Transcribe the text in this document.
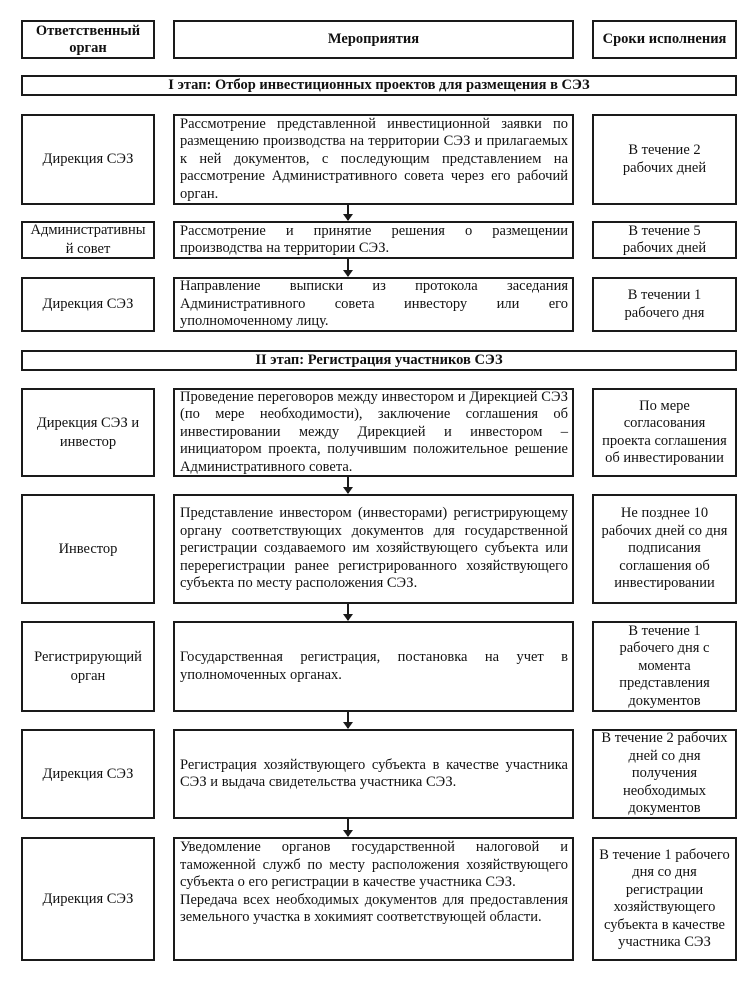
Ответственный орган
Мероприятия	Сроки исполнения
I этап: Отбор инвестиционных проектов для размещения в СЭЗ
Дирекция СЭЗ
Рассмотрение представленной инвестиционной заявки по размещению производства на территории СЭЗ и прилагаемых к ней документов, с последующим представлением на рассмотрение Административного совета через его рабочий орган.
В течение 2 рабочих дней
Административный совет
Рассмотрение и принятие решения о размещении производства на территории СЭЗ.
В течение 5 рабочих дней
Дирекция СЭЗ
Направление выписки из протокола заседания Административного совета инвестору или его уполномоченному лицу.
В течении 1 рабочего дня
II этап: Регистрация участников СЭЗ
Дирекция СЭЗ и инвестор
Проведение переговоров между инвестором и Дирекцией СЭЗ (по мере необходимости), заключение соглашения об инвестировании между Дирекцией и инвестором – инициатором проекта, получившим положительное решение Административного совета.
По мере согласования проекта соглашения об инвестировании
Инвестор
Представление инвестором (инвесторами) регистрирующему органу соответствующих документов для государственной регистрации создаваемого им хозяйствующего субъекта или перерегистрации ранее регистрированного хозяйствующего субъекта по месту расположения СЭЗ.
Не позднее 10 рабочих дней со дня подписания соглашения об инвестировании
Регистрирующий орган
Государственная регистрация, постановка на учет в уполномоченных органах.
В течение 1 рабочего дня с момента представления документов
Дирекция СЭЗ
Регистрация хозяйствующего субъекта в качестве участника СЭЗ и выдача свидетельства участника СЭЗ.
В течение 2 рабочих дней со дня получения необходимых документов
Дирекция СЭЗ
Уведомление органов государственной налоговой и таможенной служб по месту расположения хозяйствующего субъекта о его регистрации в качестве участника СЭЗ.
Передача всех необходимых документов для предоставления земельного участка в хокимият соответствующей области.
В течение 1 рабочего дня со дня регистрации хозяйствующего субъекта в качестве участника СЭЗ
